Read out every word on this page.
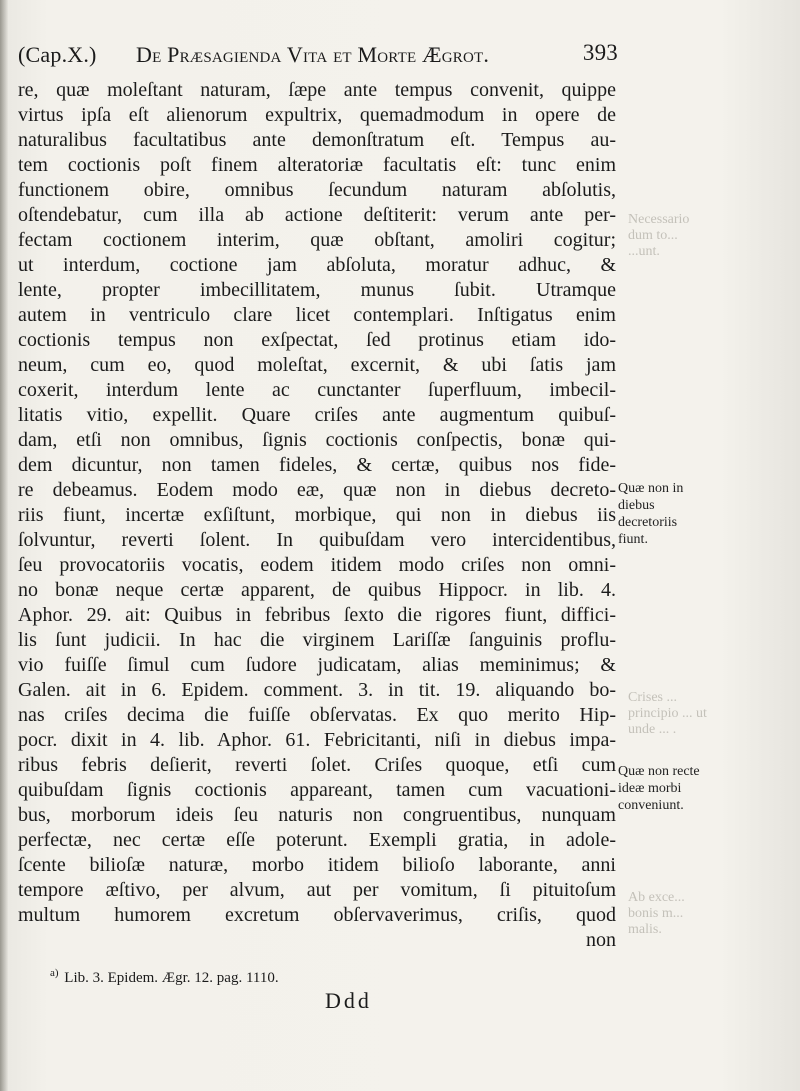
(Cap.X.) De Præsagienda Vita et Morte Ægrot.	393
re, quæ moleſtant naturam, ſæpe ante tempus convenit, quippe
virtus ipſa eſt alienorum expultrix, quemadmodum in opere de
naturalibus facultatibus ante demonſtratum eſt. Tempus au-
tem coctionis poſt finem alteratoriæ facultatis eſt: tunc enim
functionem obire, omnibus ſecundum naturam abſolutis,
oſtendebatur, cum illa ab actione deſtiterit: verum ante per-
fectam coctionem interim, quæ obſtant, amoliri cogitur;
ut interdum, coctione jam abſoluta, moratur adhuc, &
lente, propter imbecillitatem, munus ſubit. Utramque
autem in ventriculo clare licet contemplari. Inſtigatus enim
coctionis tempus non exſpectat, ſed protinus etiam ido-
neum, cum eo, quod moleſtat, excernit, & ubi ſatis jam
coxerit, interdum lente ac cunctanter ſuperfluum, imbecil-
litatis vitio, expellit. Quare criſes ante augmentum quibuſ-
dam, etſi non omnibus, ſignis coctionis conſpectis, bonæ qui-
dem dicuntur, non tamen fideles, & certæ, quibus nos fide-
re debeamus. Eodem modo eæ, quæ non in diebus decreto-
riis fiunt, incertæ exſiſtunt, morbique, qui non in diebus iis
ſolvuntur, reverti ſolent. In quibuſdam vero intercidentibus,
ſeu provocatoriis vocatis, eodem itidem modo criſes non omni-
no bonæ neque certæ apparent, de quibus Hippocr. in lib. 4.
Aphor. 29. ait: Quibus in febribus ſexto die rigores fiunt, diffici-
lis ſunt judicii. In hac die virginem Lariſſæ ſanguinis proflu-
vio fuiſſe ſimul cum ſudore judicatam, alias meminimus; &
Galen. ait in 6. Epidem. comment. 3. in tit. 19. aliquando bo-
nas criſes decima die fuiſſe obſervatas. Ex quo merito Hip-
pocr. dixit in 4. lib. Aphor. 61. Febricitanti, niſi in diebus impa-
ribus febris deſierit, reverti ſolet. Criſes quoque, etſi cum
quibuſdam ſignis coctionis appareant, tamen cum vacuationi-
bus, morborum ideis ſeu naturis non congruentibus, nunquam
perfectæ, nec certæ eſſe poterunt. Exempli gratia, in adole-
ſcente bilioſæ naturæ, morbo itidem bilioſo laborante, anni
tempore æſtivo, per alvum, aut per vomitum, ſi pituitoſum
multum humorem excretum obſervaverimus, criſis, quod
non
Quæ non in diebus decretoriis fiunt.
Quæ non recte ideæ morbi conveniunt.
Necessario dum to... ...unt.
Crises ... principio ... ut unde ... .
Ab exce... bonis m... malis.
$^{a)}$ Lib. 3. Epidem. Ægr. 12. pag. 1110.
Ddd
